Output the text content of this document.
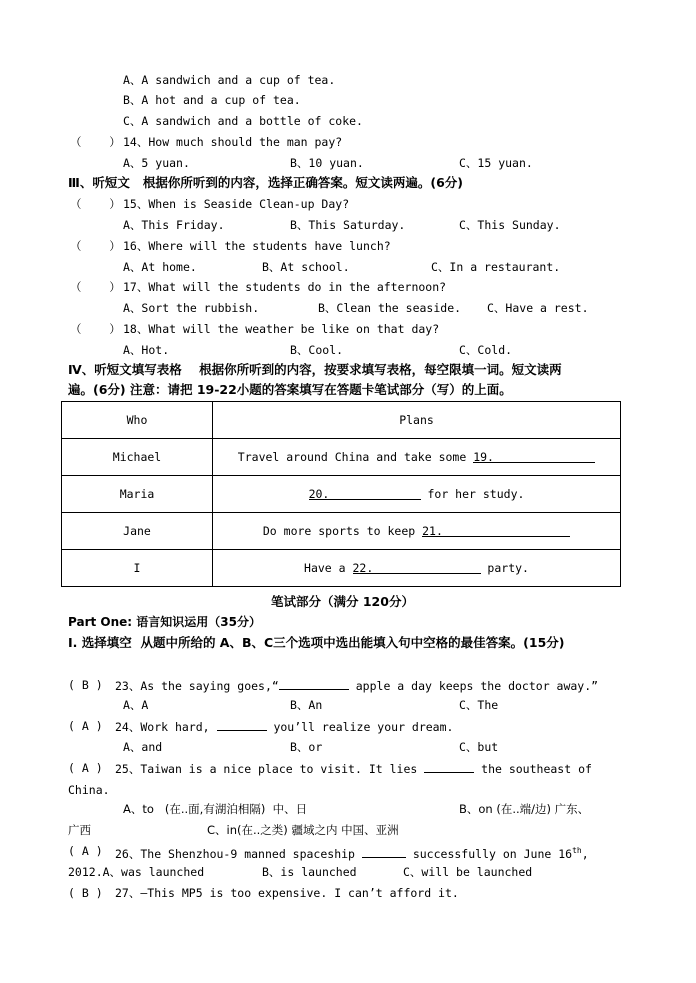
A、A sandwich and a cup of tea.
B、A hot and a cup of tea.
C、A sandwich and a bottle of coke.
（    ） 14、How much should the man pay?
A、5 yuan.	B、10 yuan.	C、15 yuan.
Ⅲ、听短文   根据你所听到的内容，选择正确答案。短文读两遍。(6分)
（    ） 15、When is Seaside Clean-up Day?
A、This Friday.	B、This Saturday.	C、This Sunday.
（    ） 16、Where will the students have lunch?
A、At home.	B、At school.	C、In a restaurant.
（    ） 17、What will the students do in the afternoon?
A、Sort the rubbish.	B、Clean the seaside. C、Have a rest.
（    ） 18、What will the weather be like on that day?
A、Hot.	B、Cool.	C、Cold.
Ⅳ、听短文填写表格    根据你所听到的内容，按要求填写表格，每空限填一词。短文读两
遍。(6分) 注意：请把 19-22小题的答案填写在答题卡笔试部分（写）的上面。
Who	Plans
Michael	Travel around China and take some 19.
Maria	20. for her study.
Jane	Do more sports to keep 21.
I	Have a 22. party.
笔试部分（满分 120分）
Part One: 语言知识运用（35分）
Ⅰ. 选择填空  从题中所给的 A、B、C三个选项中选出能填入句中空格的最佳答案。(15分)
( B ) 23、As the saying goes,“	apple a day keeps the doctor away.”
A、A	B、An	C、The
( A ) 24、Work hard,	you’ll realize your dream.
A、and	B、or	C、but
( A ) 25、Taiwan is a nice place to visit. It lies	the southeast of
China.
A、to   (在..面,有湖泊相隔)  中、日	B、on (在..端/边) 广东、
广西	C、in(在..之类) 疆域之内 中国、亚洲
( A ) 26、The Shenzhou-9 manned spaceship	successfully on June 16th,
2012.A、was launched	B、is launched	C、will be launched
( B ) 27、—This MP5 is too expensive. I can’t afford it.
